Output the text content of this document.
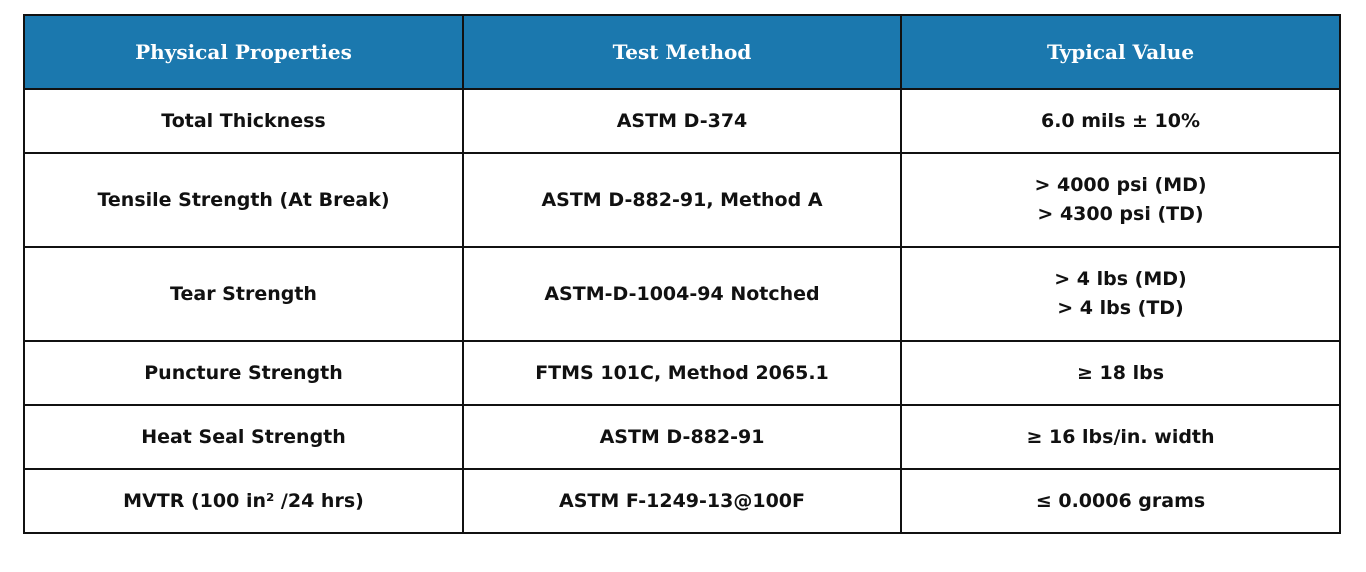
Physical Properties	Test Method	Typical Value
Total Thickness	ASTM D-374	6.0 mils ± 10%

Tensile Strength (At Break)	ASTM D-882-91, Method A	> 4000 psi (MD)
> 4300 psi (TD)

Tear Strength	ASTM-D-1004-94 Notched	> 4 lbs (MD)
> 4 lbs (TD)

Puncture Strength	FTMS 101C, Method 2065.1	≥ 18 lbs

Heat Seal Strength	ASTM D-882-91	≥ 16 lbs/in. width

MVTR (100 in² /24 hrs)	ASTM F-1249-13@100F	≤ 0.0006 grams
